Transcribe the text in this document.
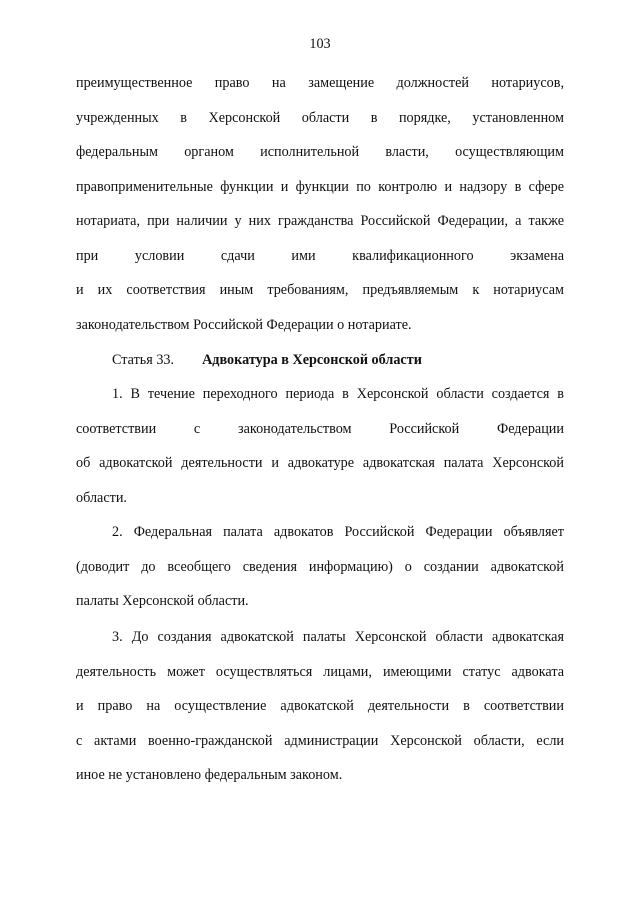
103
преимущественное право на замещение должностей нотариусов,
учрежденных в Херсонской области в порядке, установленном
федеральным органом исполнительной власти, осуществляющим
правоприменительные функции и функции по контролю и надзору в сфере
нотариата, при наличии у них гражданства Российской Федерации, а также
при условии сдачи ими квалификационного экзамена
и их соответствия иным требованиям, предъявляемым к нотариусам
законодательством Российской Федерации о нотариате.
Статья 33. Адвокатура в Херсонской области
1. В течение переходного периода в Херсонской области создается в
соответствии с законодательством Российской Федерации
об адвокатской деятельности и адвокатуре адвокатская палата Херсонской
области.
2. Федеральная палата адвокатов Российской Федерации объявляет
(доводит до всеобщего сведения информацию) о создании адвокатской
палаты Херсонской области.
3. До создания адвокатской палаты Херсонской области адвокатская
деятельность может осуществляться лицами, имеющими статус адвоката
и право на осуществление адвокатской деятельности в соответствии
с актами военно-гражданской администрации Херсонской области, если
иное не установлено федеральным законом.
